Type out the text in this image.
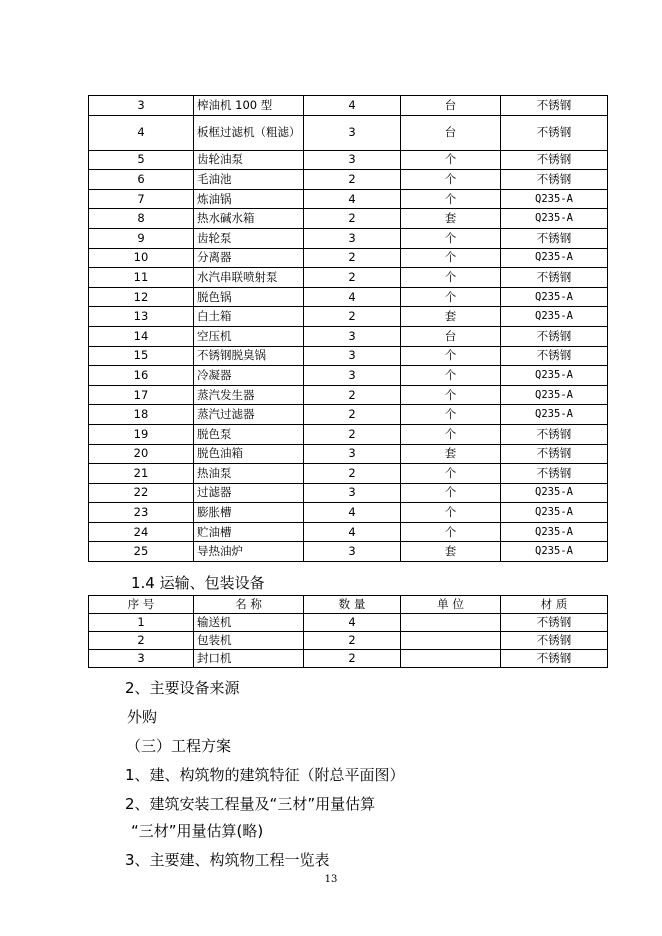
3	榨油机 100 型	4	台	不锈钢
4	板框过滤机（粗滤）	3	台	不锈钢
5	齿轮油泵	3	个	不锈钢
6	毛油池	2	个	不锈钢
7	炼油锅	4	个	Q235-A
8	热水碱水箱	2	套	Q235-A
9	齿轮泵	3	个	不锈钢
10	分离器	2	个	Q235-A
11	水汽串联喷射泵	2	个	不锈钢
12	脱色锅	4	个	Q235-A
13	白土箱	2	套	Q235-A
14	空压机	3	台	不锈钢
15	不锈钢脱臭锅	3	个	不锈钢
16	冷凝器	3	个	Q235-A
17	蒸汽发生器	2	个	Q235-A
18	蒸汽过滤器	2	个	Q235-A
19	脱色泵	2	个	不锈钢
20	脱色油箱	3	套	不锈钢
21	热油泵	2	个	不锈钢
22	过滤器	3	个	Q235-A
23	膨胀槽	4	个	Q235-A
24	贮油槽	4	个	Q235-A
25	导热油炉	3	套	Q235-A
1.4 运输、包装设备
序 号	名 称	数 量	单 位	材 质
1	输送机	4		不锈钢
2	包装机	2		不锈钢
3	封口机	2		不锈钢
2、主要设备来源
外购
（三）工程方案
1、建、构筑物的建筑特征（附总平面图）
2、建筑安装工程量及“三材”用量估算
“三材”用量估算(略)
3、主要建、构筑物工程一览表
13
